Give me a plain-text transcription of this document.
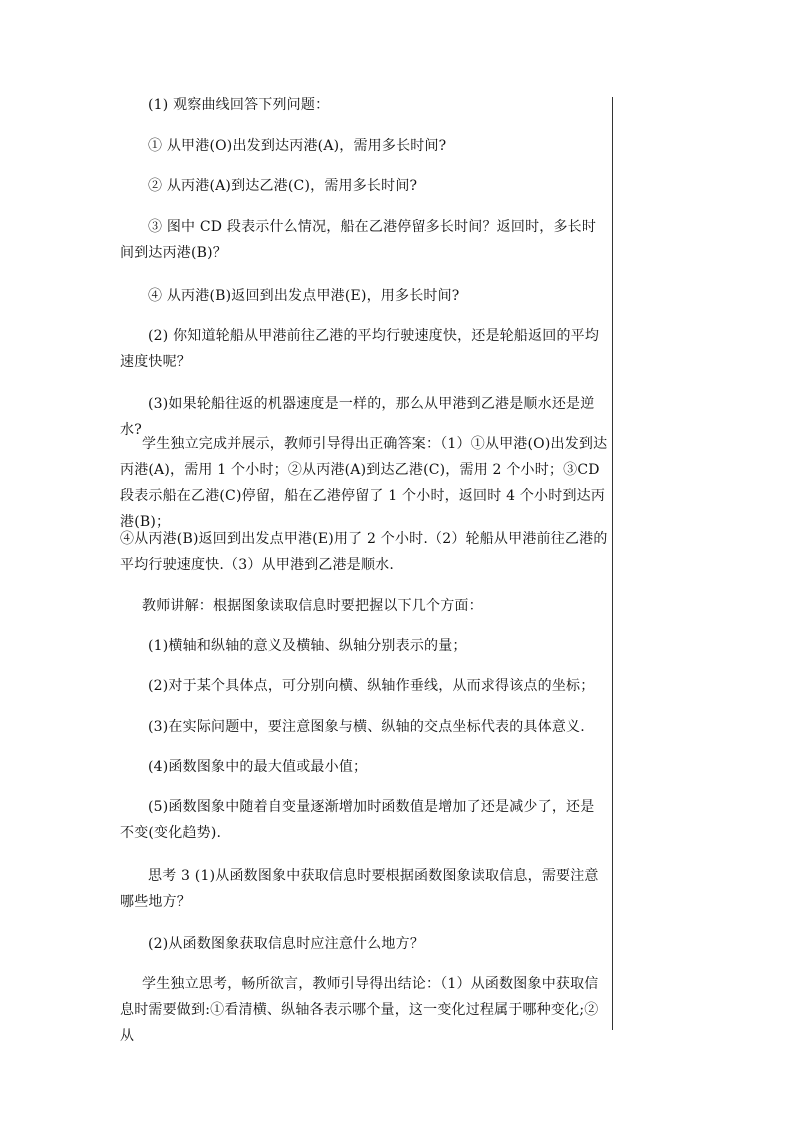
(1) 观察曲线回答下列问题：

① 从甲港(O)出发到达丙港(A)，需用多长时间?

② 从丙港(A)到达乙港(C)，需用多长时间?

③ 图中 CD 段表示什么情况，船在乙港停留多长时间？返回时，多长时间到达丙港(B)？

④ 从丙港(B)返回到出发点甲港(E)，用多长时间?

(2) 你知道轮船从甲港前往乙港的平均行驶速度快，还是轮船返回的平均速度快呢？

(3)如果轮船往返的机器速度是一样的，那么从甲港到乙港是顺水还是逆水?

学生独立完成并展示，教师引导得出正确答案：（1）①从甲港(O)出发到达丙港(A)，需用 1 个小时；②从丙港(A)到达乙港(C)，需用 2 个小时；③CD 段表示船在乙港(C)停留，船在乙港停留了 1 个小时，返回时 4 个小时到达丙港(B)；

④从丙港(B)返回到出发点甲港(E)用了 2 个小时.（2）轮船从甲港前往乙港的平均行驶速度快.（3）从甲港到乙港是顺水.

教师讲解：根据图象读取信息时要把握以下几个方面：

(1)横轴和纵轴的意义及横轴、纵轴分别表示的量；

(2)对于某个具体点，可分别向横、纵轴作垂线，从而求得该点的坐标；

(3)在实际问题中，要注意图象与横、纵轴的交点坐标代表的具体意义.

(4)函数图象中的最大值或最小值；

(5)函数图象中随着自变量逐渐增加时函数值是增加了还是减少了，还是不变(变化趋势).

思考 3 (1)从函数图象中获取信息时要根据函数图象读取信息，需要注意哪些地方？

(2)从函数图象获取信息时应注意什么地方？

学生独立思考，畅所欲言，教师引导得出结论：（1）从函数图象中获取信息时需要做到:①看清横、纵轴各表示哪个量，这一变化过程属于哪种变化;②从
